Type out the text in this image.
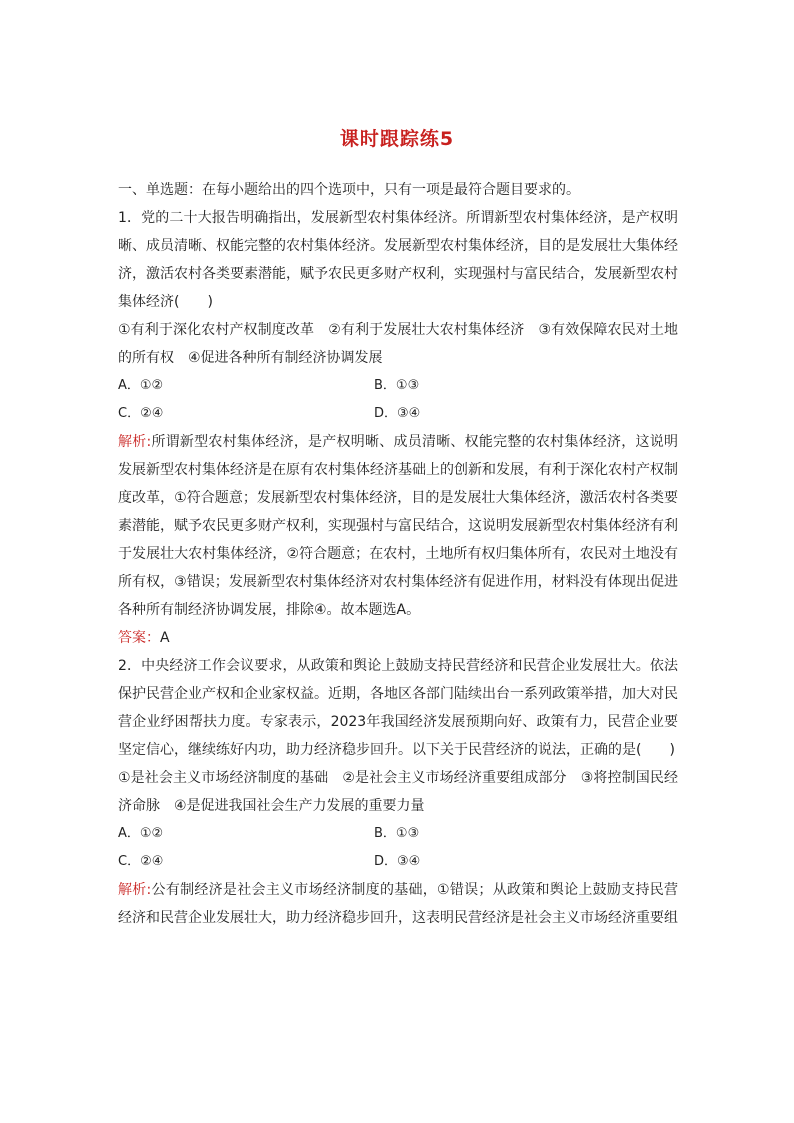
课时跟踪练5

一、单选题：在每小题给出的四个选项中，只有一项是最符合题目要求的。

1．党的二十大报告明确指出，发展新型农村集体经济。所谓新型农村集体经济，是产权明晰、成员清晰、权能完整的农村集体经济。发展新型农村集体经济，目的是发展壮大集体经济，激活农村各类要素潜能，赋予农民更多财产权利，实现强村与富民结合，发展新型农村集体经济(　　)

①有利于深化农村产权制度改革　②有利于发展壮大农村集体经济　③有效保障农民对土地的所有权　④促进各种所有制经济协调发展

A．①②	B．①③
C．②④	D．③④

解析:所谓新型农村集体经济，是产权明晰、成员清晰、权能完整的农村集体经济，这说明发展新型农村集体经济是在原有农村集体经济基础上的创新和发展，有利于深化农村产权制度改革，①符合题意；发展新型农村集体经济，目的是发展壮大集体经济，激活农村各类要素潜能，赋予农民更多财产权利，实现强村与富民结合，这说明发展新型农村集体经济有利于发展壮大农村集体经济，②符合题意；在农村，土地所有权归集体所有，农民对土地没有所有权，③错误；发展新型农村集体经济对农村集体经济有促进作用，材料没有体现出促进各种所有制经济协调发展，排除④。故本题选A。

答案：A

2．中央经济工作会议要求，从政策和舆论上鼓励支持民营经济和民营企业发展壮大。依法保护民营企业产权和企业家权益。近期，各地区各部门陆续出台一系列政策举措，加大对民营企业纾困帮扶力度。专家表示，2023年我国经济发展预期向好、政策有力，民营企业要坚定信心，继续练好内功，助力经济稳步回升。以下关于民营经济的说法，正确的是(　　)

①是社会主义市场经济制度的基础　②是社会主义市场经济重要组成部分　③将控制国民经济命脉　④是促进我国社会生产力发展的重要力量

A．①②	B．①③
C．②④	D．③④

解析:公有制经济是社会主义市场经济制度的基础，①错误；从政策和舆论上鼓励支持民营经济和民营企业发展壮大，助力经济稳步回升，这表明民营经济是社会主义市场经济重要组
